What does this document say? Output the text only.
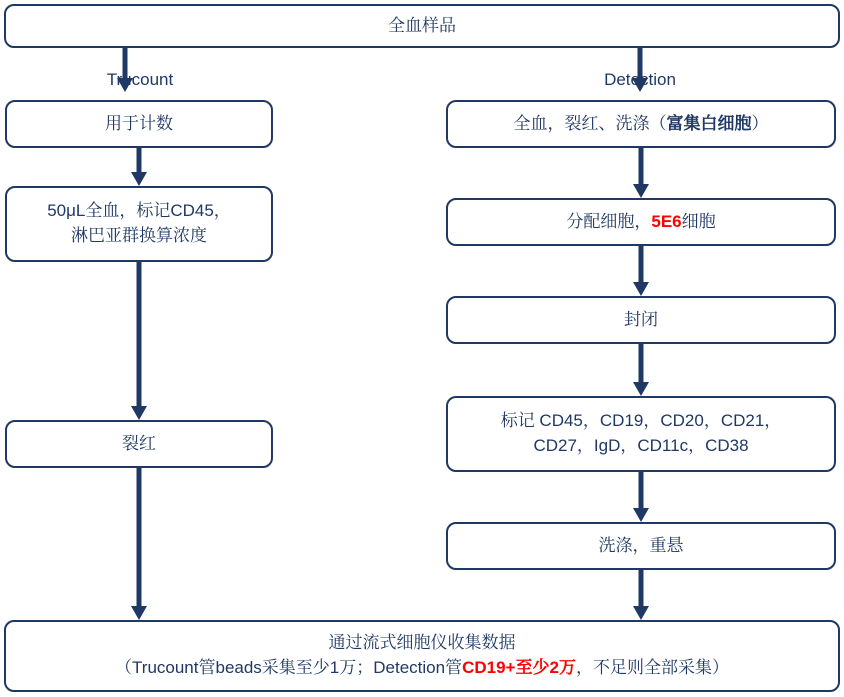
全血样品
Trucount	Detection
用于计数
50μL全血，标记CD45，
淋巴亚群换算浓度
裂红
全血，裂红、洗涤（富集白细胞）
分配细胞，5E6细胞
封闭
标记 CD45，CD19，CD20，CD21，
CD27，IgD，CD11c，CD38
洗涤，重悬
通过流式细胞仪收集数据
（Trucount管beads采集至少1万；Detection管CD19+至少2万，不足则全部采集）
